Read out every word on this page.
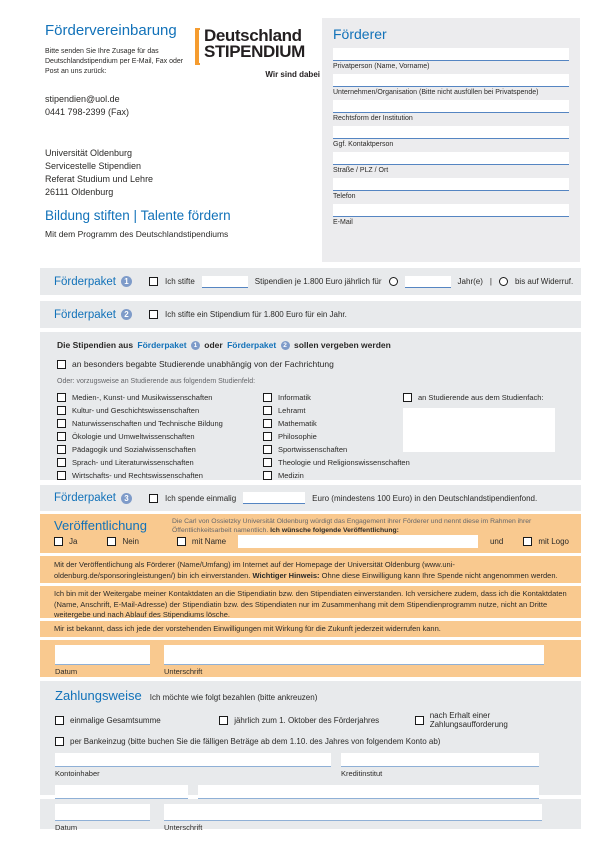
Fördervereinbarung
Bitte senden Sie Ihre Zusage für das Deutschlandstipendium per E-Mail, Fax oder Post an uns zurück:
stipendien@uol.de
0441 798-2399 (Fax)
Universität Oldenburg
Servicestelle Stipendien
Referat Studium und Lehre
26111 Oldenburg
Deutschland
STIPENDIUM
Wir sind dabei
Bildung stiften | Talente fördern
Mit dem Programm des Deutschlandstipendiums
Förderer
Privatperson (Name, Vorname)
Unternehmen/Organisation (Bitte nicht ausfüllen bei Privatspende)
Rechtsform der Institution
Ggf. Kontaktperson
Straße / PLZ / Ort
Telefon
E-Mail
Förderpaket	1	Ich stifte	Stipendien je 1.800 Euro jährlich für	Jahr(e) |	bis auf Widerruf.
Förderpaket	2	Ich stifte ein Stipendium für 1.800 Euro für ein Jahr.
Die Stipendien aus Förderpaket 1 oder Förderpaket 2 sollen vergeben werden
an besonders begabte Studierende unabhängig von der Fachrichtung
Oder: vorzugsweise an Studierende aus folgendem Studienfeld:
Medien-, Kunst- und Musikwissenschaften
Kultur- und Geschichtswissenschaften
Naturwissenschaften und Technische Bildung
Ökologie und Umweltwissenschaften
Pädagogik und Sozialwissenschaften
Sprach- und Literaturwissenschaften
Wirtschafts- und Rechtswissenschaften
Informatik
Lehramt
Mathematik
Philosophie
Sportwissenschaften
Theologie und Religionswissenschaften
Medizin
an Studierende aus dem Studienfach:
Förderpaket	3	Ich spende einmalig	Euro (mindestens 100 Euro) in den Deutschlandstipendienfond.
Veröffentlichung	Die Carl von Ossietzky Universität Oldenburg würdigt das Engagement ihrer Förderer und nennt diese im Rahmen ihrer Öffentlichkeitsarbeit namentlich. Ich wünsche folgende Veröffentlichung:
Ja	Nein	mit Name	und	mit Logo
Mit der Veröffentlichung als Förderer (Name/Umfang) im Internet auf der Homepage der Universität Oldenburg (www.uni-oldenburg.de/sponsoringleistungen/) bin ich einverstanden. Wichtiger Hinweis: Ohne diese Einwilligung kann Ihre Spende nicht angenommen werden.
Ich bin mit der Weitergabe meiner Kontaktdaten an die Stipendiatin bzw. den Stipendiaten einverstanden. Ich versichere zudem, dass ich die Kontaktdaten (Name, Anschrift, E-Mail-Adresse) der Stipendiatin bzw. des Stipendiaten nur im Zusammenhang mit dem Stipendienprogramm nutze, nicht an Dritte weitergebe und nach Ablauf des Stipendiums lösche.
Mir ist bekannt, dass ich jede der vorstehenden Einwilligungen mit Wirkung für die Zukunft jederzeit widerrufen kann.
Datum	Unterschrift
Zahlungsweise Ich möchte wie folgt bezahlen (bitte ankreuzen)
einmalige Gesamtsumme	jährlich zum 1. Oktober des Förderjahres	nach Erhalt einer Zahlungsaufforderung
per Bankeinzug (bitte buchen Sie die fälligen Beträge ab dem 1.10. des Jahres von folgendem Konto ab)
Kontoinhaber	Kreditinstitut
Datum	Unterschrift
